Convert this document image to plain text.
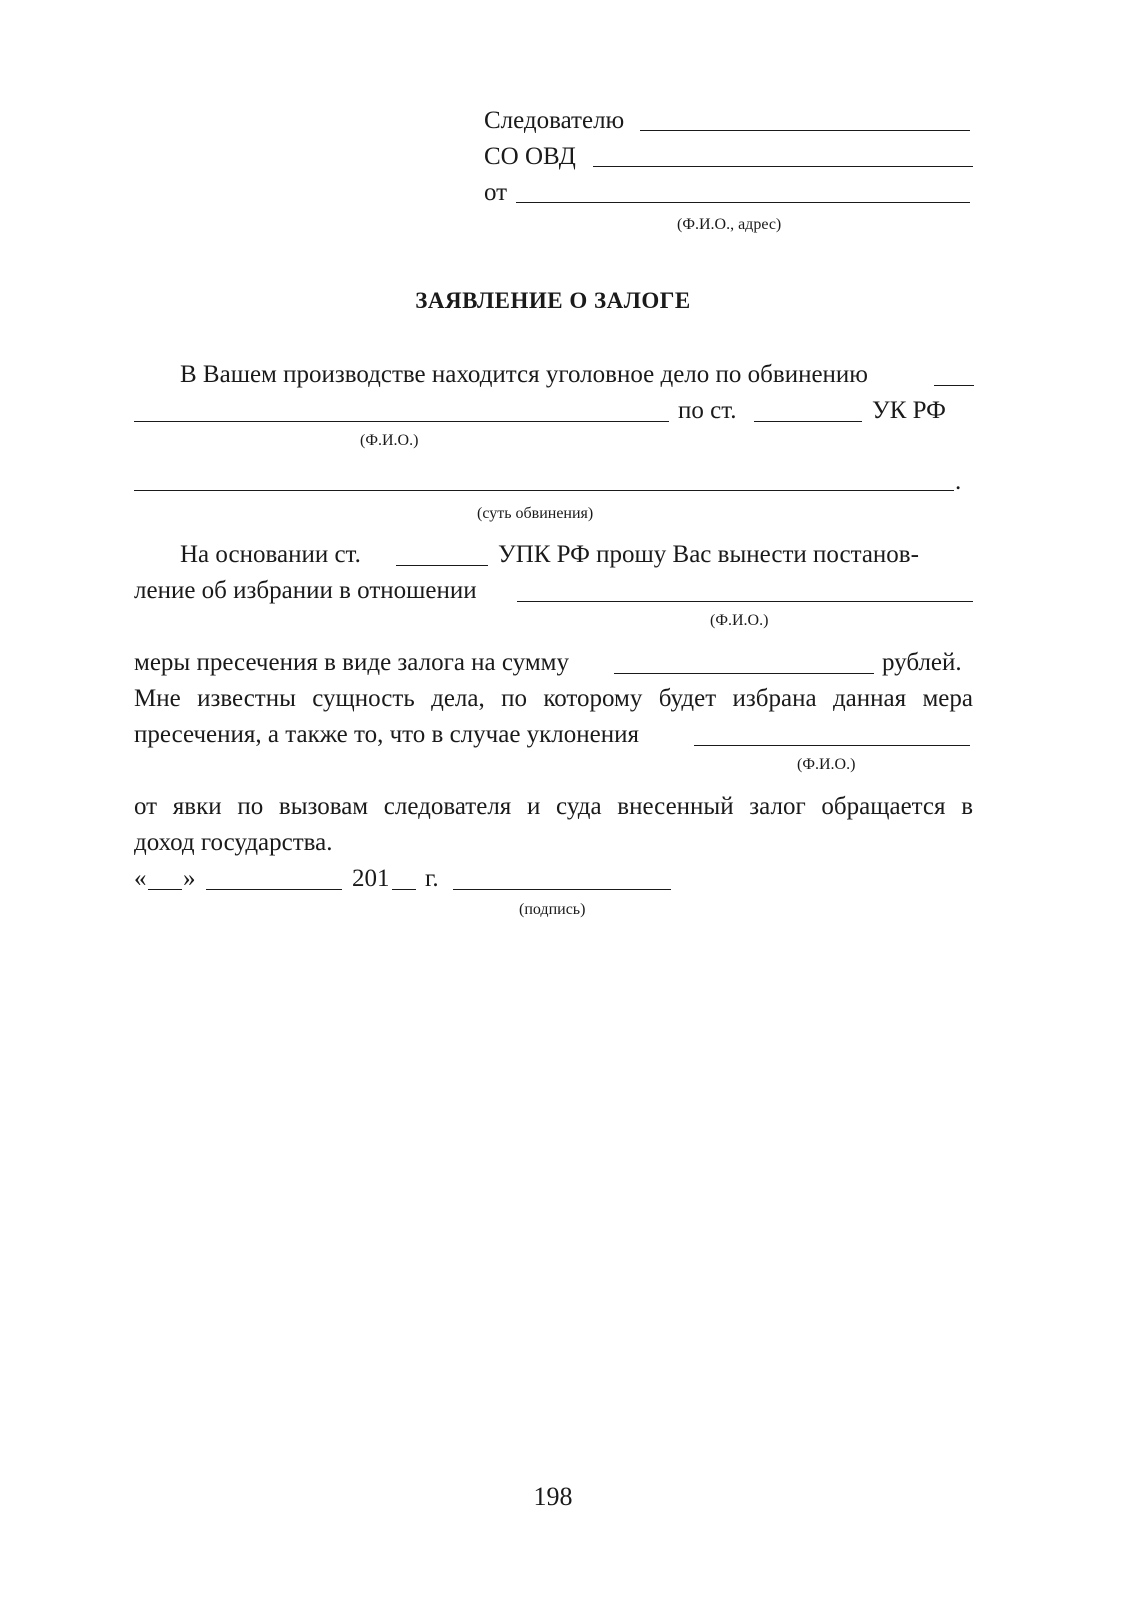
Следователю
СО ОВД
от
(Ф.И.О., адрес)
ЗАЯВЛЕНИЕ О ЗАЛОГЕ
В Вашем производстве находится уголовное дело по обвинению
по ст.	УК РФ
(Ф.И.О.)
.
(суть обвинения)
На основании ст.	УПК РФ прошу Вас вынести постанов-
ление об избрании в отношении
(Ф.И.О.)
меры пресечения в виде залога на сумму	рублей.
Мне известны сущность дела, по которому будет избрана данная мера
пресечения, а также то, что в случае уклонения
(Ф.И.О.)
от явки по вызовам следователя и суда внесенный залог обращается в
доход государства.
« »	201 г.
(подпись)
198
